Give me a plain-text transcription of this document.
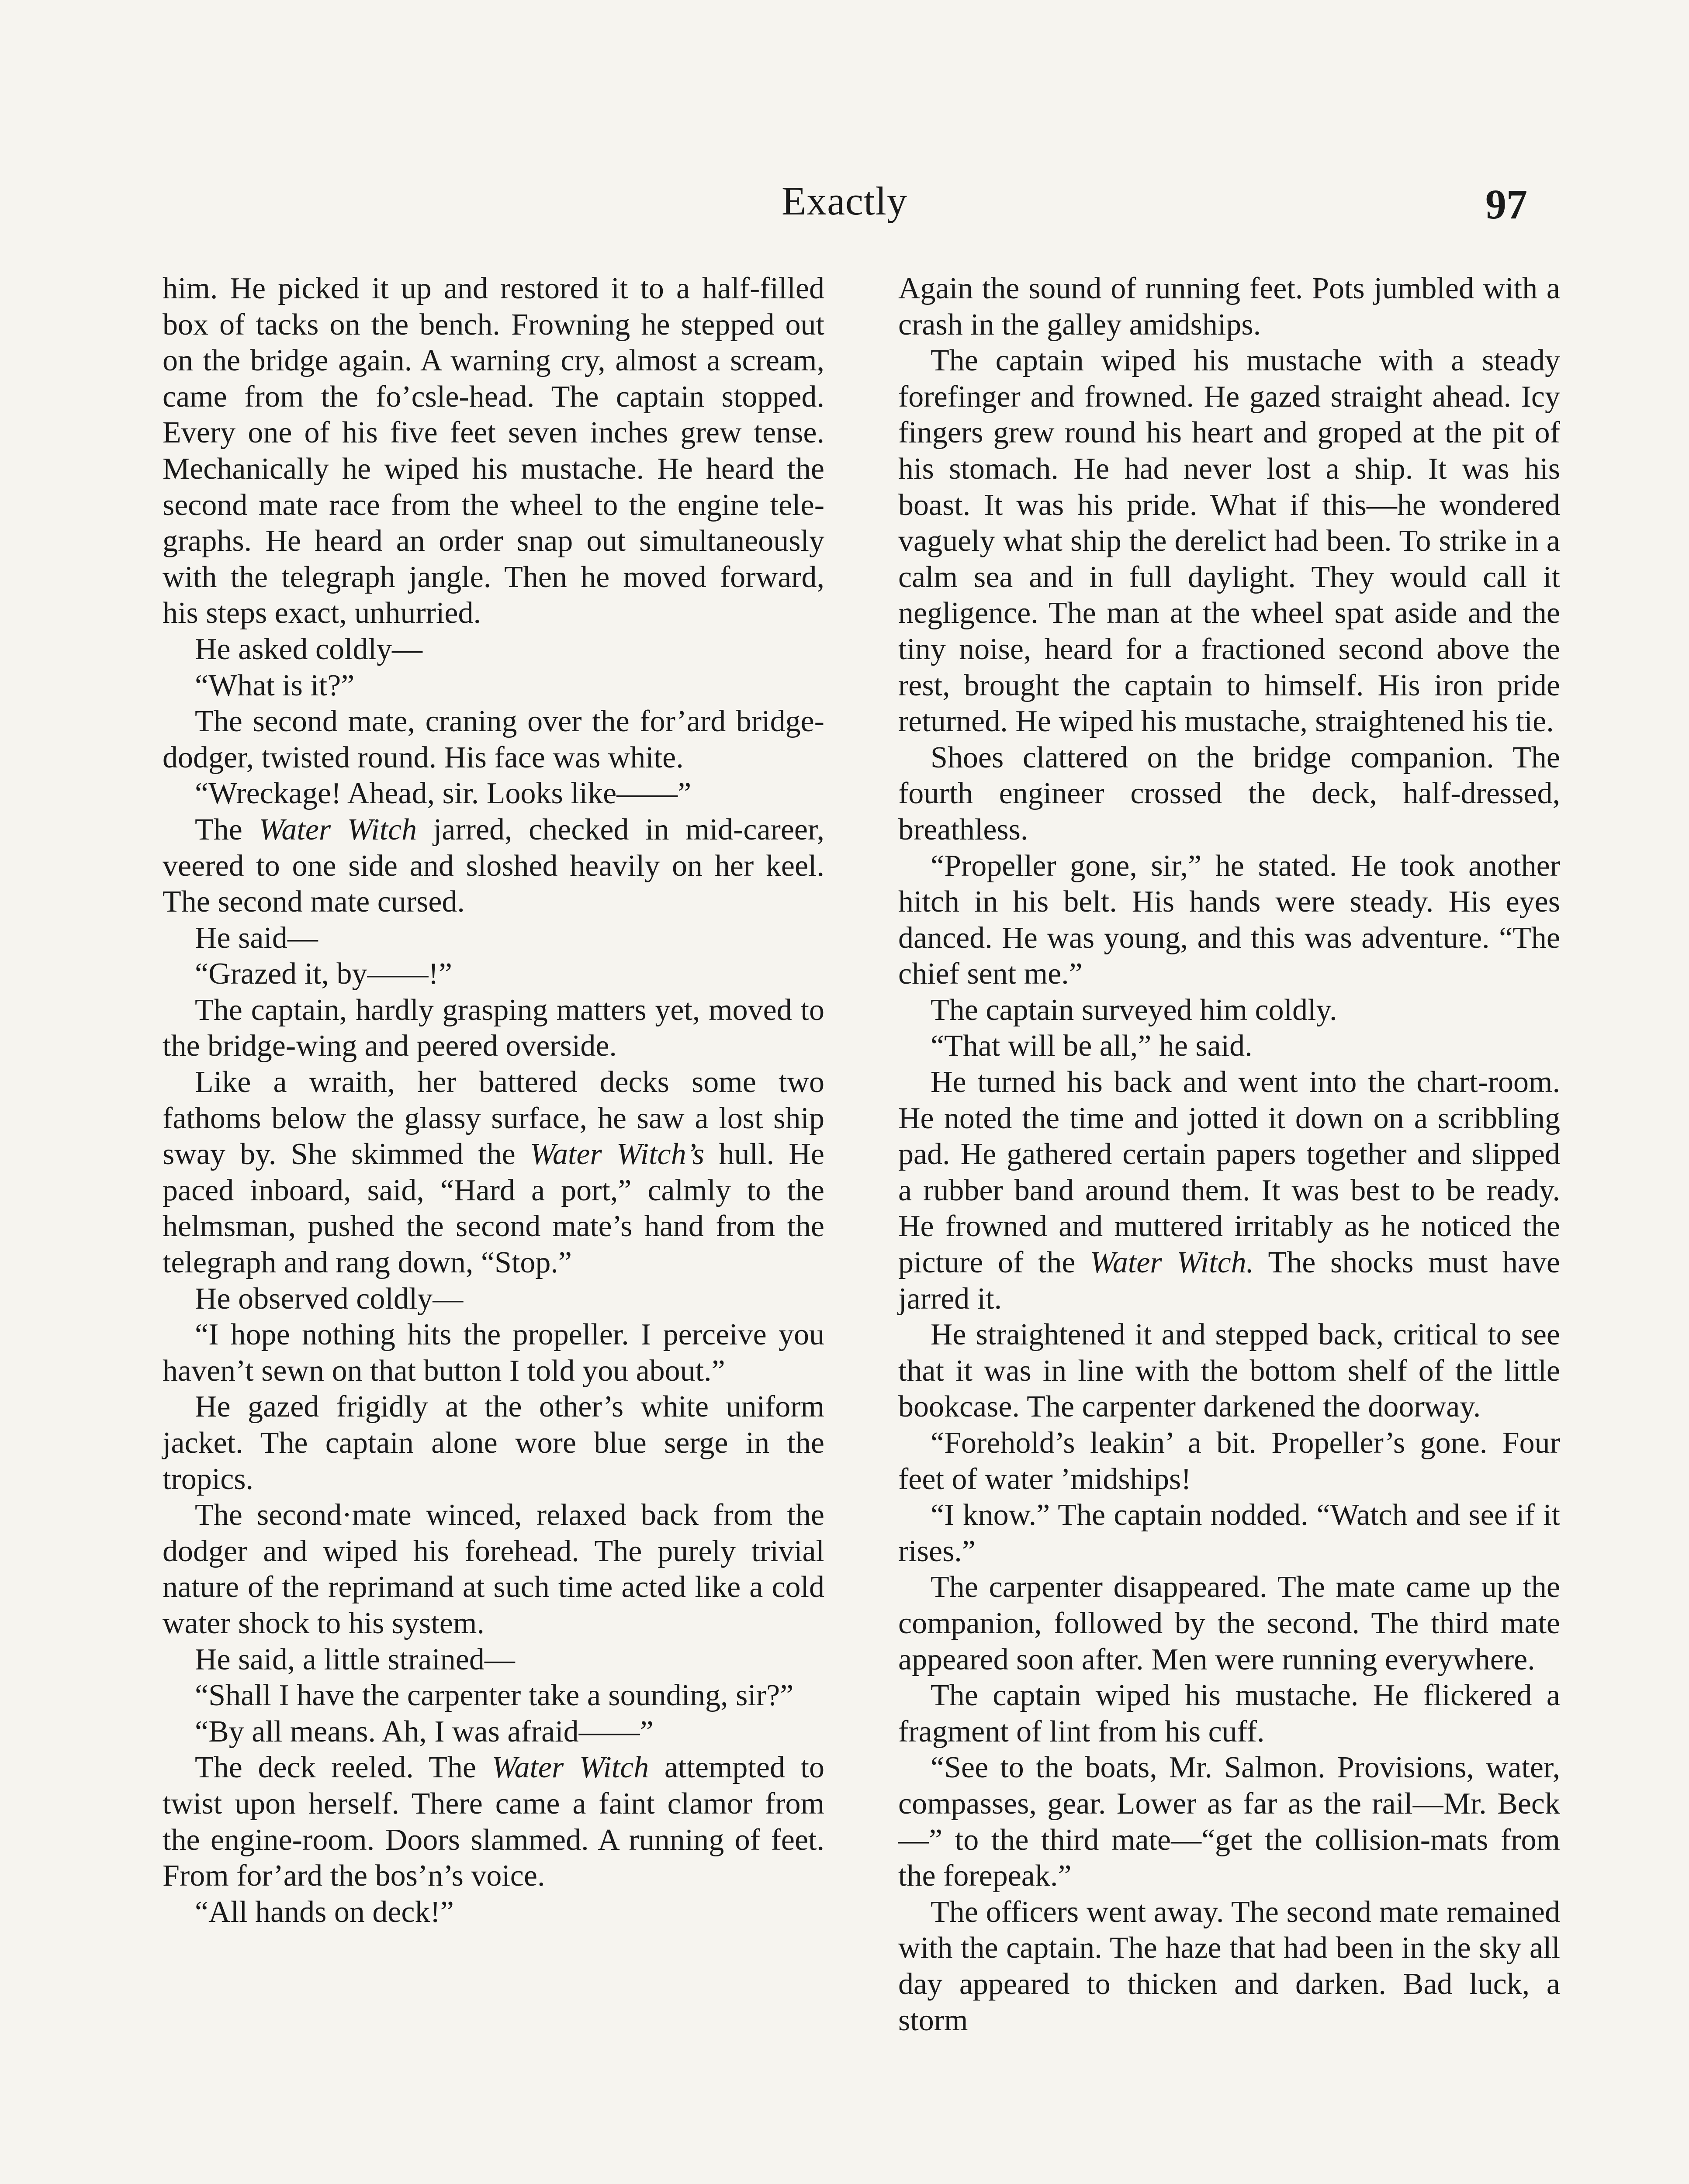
Exactly	97

him. He picked it up and restored it to a half-filled box of tacks on the bench. Frowning he stepped out on the bridge again. A warning cry, almost a scream, came from the fo’csle-head. The captain stopped. Every one of his five feet seven inches grew tense. Mechanically he wiped his mustache. He heard the second mate race from the wheel to the engine telegraphs. He heard an order snap out simultaneously with the telegraph jangle. Then he moved forward, his steps exact, unhurried.

He asked coldly—

“What is it?”

The second mate, craning over the for’ard bridge-dodger, twisted round. His face was white.

“Wreckage! Ahead, sir. Looks like——”

The Water Witch jarred, checked in mid-career, veered to one side and sloshed heavily on her keel. The second mate cursed.

He said—

“Grazed it, by——!”

The captain, hardly grasping matters yet, moved to the bridge-wing and peered overside.

Like a wraith, her battered decks some two fathoms below the glassy surface, he saw a lost ship sway by. She skimmed the Water Witch’s hull. He paced inboard, said, “Hard a port,” calmly to the helmsman, pushed the second mate’s hand from the telegraph and rang down, “Stop.”

He observed coldly—

“I hope nothing hits the propeller. I perceive you haven’t sewn on that button I told you about.”

He gazed frigidly at the other’s white uniform jacket. The captain alone wore blue serge in the tropics.

The second·mate winced, relaxed back from the dodger and wiped his forehead. The purely trivial nature of the reprimand at such time acted like a cold water shock to his system.

He said, a little strained—

“Shall I have the carpenter take a sounding, sir?”

“By all means. Ah, I was afraid——”

The deck reeled. The Water Witch attempted to twist upon herself. There came a faint clamor from the engine-room. Doors slammed. A running of feet. From for’ard the bos’n’s voice.

“All hands on deck!”

Again the sound of running feet. Pots jumbled with a crash in the galley amidships.

The captain wiped his mustache with a steady forefinger and frowned. He gazed straight ahead. Icy fingers grew round his heart and groped at the pit of his stomach. He had never lost a ship. It was his boast. It was his pride. What if this—he wondered vaguely what ship the derelict had been. To strike in a calm sea and in full daylight. They would call it negligence. The man at the wheel spat aside and the tiny noise, heard for a fractioned second above the rest, brought the captain to himself. His iron pride returned. He wiped his mustache, straightened his tie.

Shoes clattered on the bridge companion. The fourth engineer crossed the deck, half-dressed, breathless.

“Propeller gone, sir,” he stated. He took another hitch in his belt. His hands were steady. His eyes danced. He was young, and this was adventure. “The chief sent me.”

The captain surveyed him coldly.

“That will be all,” he said.

He turned his back and went into the chart-room. He noted the time and jotted it down on a scribbling pad. He gathered certain papers together and slipped a rubber band around them. It was best to be ready. He frowned and muttered irritably as he noticed the picture of the Water Witch. The shocks must have jarred it.

He straightened it and stepped back, critical to see that it was in line with the bottom shelf of the little bookcase. The carpenter darkened the doorway.

“Forehold’s leakin’ a bit. Propeller’s gone. Four feet of water ’midships!

“I know.” The captain nodded. “Watch and see if it rises.”

The carpenter disappeared. The mate came up the companion, followed by the second. The third mate appeared soon after. Men were running everywhere.

The captain wiped his mustache. He flickered a fragment of lint from his cuff.

“See to the boats, Mr. Salmon. Provisions, water, compasses, gear. Lower as far as the rail—Mr. Beck—” to the third mate—“get the collision-mats from the forepeak.”

The officers went away. The second mate remained with the captain. The haze that had been in the sky all day appeared to thicken and darken. Bad luck, a storm
